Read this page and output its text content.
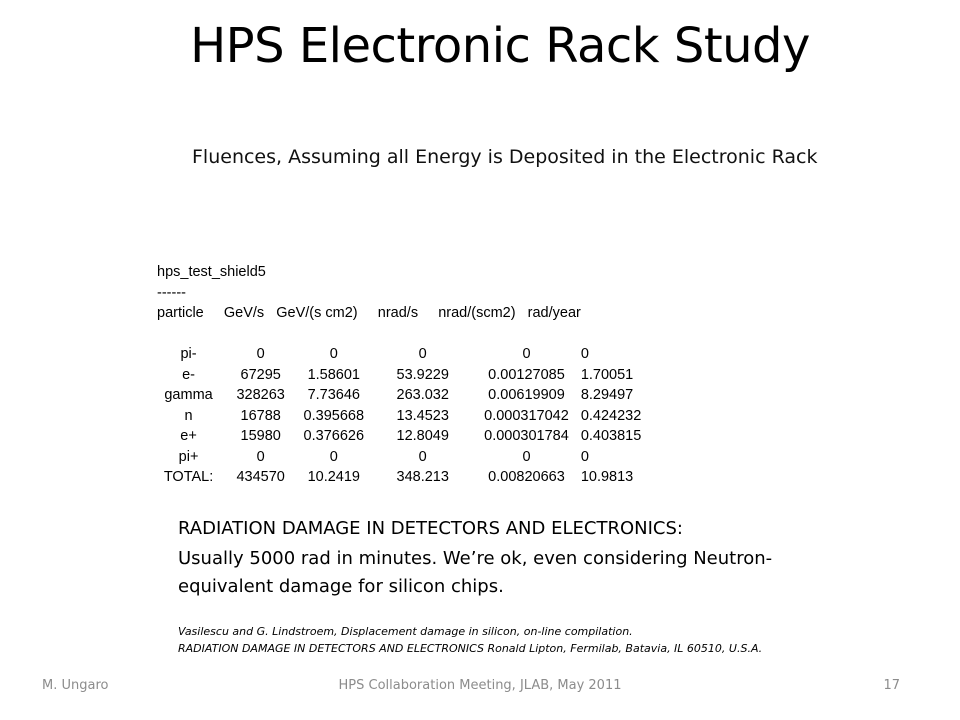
HPS Electronic Rack Study
Fluences, Assuming all Energy is Deposited in the Electronic Rack
hps_test_shield5
------
particle     GeV/s   GeV/(s cm2)     nrad/s     nrad/(scm2)   rad/year
pi-	0	0	0	0	0
e-	67295	1.58601	53.9229	0.00127085	1.70051
gamma	328263	7.73646	263.032	0.00619909	8.29497
n	16788	0.395668	13.4523	0.000317042 0.424232
e+	15980	0.376626	12.8049	0.000301784 0.403815
pi+	0	0	0	0	0
TOTAL:	434570	10.2419	348.213	0.00820663	10.9813
RADIATION DAMAGE IN DETECTORS AND ELECTRONICS:
Usually 5000 rad in minutes. We’re ok, even considering Neutron-equivalent damage for silicon chips.
Vasilescu and G. Lindstroem, Displacement damage in silicon, on-line compilation.
RADIATION DAMAGE IN DETECTORS AND ELECTRONICS Ronald Lipton, Fermilab, Batavia, IL 60510, U.S.A.
M. Ungaro	HPS Collaboration Meeting, JLAB, May 2011	17
